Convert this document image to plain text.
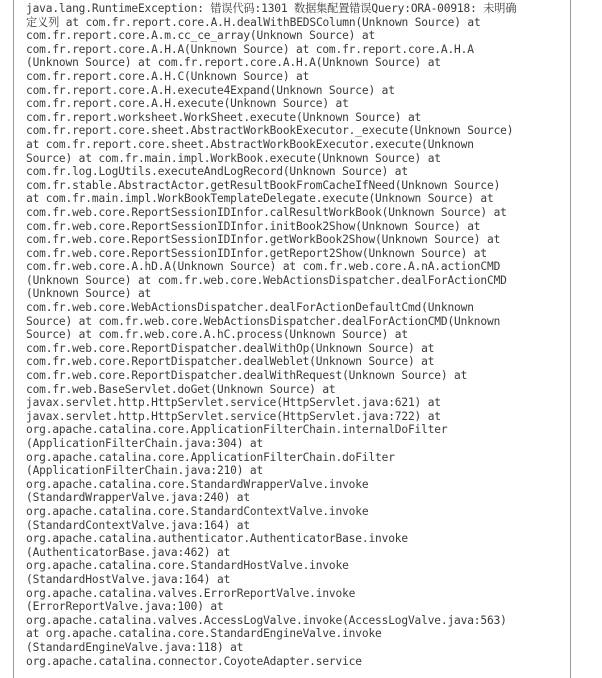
java.lang.RuntimeException: 错误代码:1301 数据集配置错误Query:ORA-00918: 未明确
定义列 at com.fr.report.core.A.H.dealWithBEDSColumn(Unknown Source) at
com.fr.report.core.A.m.cc_ce_array(Unknown Source) at
com.fr.report.core.A.H.A(Unknown Source) at com.fr.report.core.A.H.A
(Unknown Source) at com.fr.report.core.A.H.A(Unknown Source) at
com.fr.report.core.A.H.C(Unknown Source) at
com.fr.report.core.A.H.execute4Expand(Unknown Source) at
com.fr.report.core.A.H.execute(Unknown Source) at
com.fr.report.worksheet.WorkSheet.execute(Unknown Source) at
com.fr.report.core.sheet.AbstractWorkBookExecutor._execute(Unknown Source)
at com.fr.report.core.sheet.AbstractWorkBookExecutor.execute(Unknown
Source) at com.fr.main.impl.WorkBook.execute(Unknown Source) at
com.fr.log.LogUtils.executeAndLogRecord(Unknown Source) at
com.fr.stable.AbstractActor.getResultBookFromCacheIfNeed(Unknown Source)
at com.fr.main.impl.WorkBookTemplateDelegate.execute(Unknown Source) at
com.fr.web.core.ReportSessionIDInfor.calResultWorkBook(Unknown Source) at
com.fr.web.core.ReportSessionIDInfor.initBook2Show(Unknown Source) at
com.fr.web.core.ReportSessionIDInfor.getWorkBook2Show(Unknown Source) at
com.fr.web.core.ReportSessionIDInfor.getReport2Show(Unknown Source) at
com.fr.web.core.A.hD.A(Unknown Source) at com.fr.web.core.A.nA.actionCMD
(Unknown Source) at com.fr.web.core.WebActionsDispatcher.dealForActionCMD
(Unknown Source) at
com.fr.web.core.WebActionsDispatcher.dealForActionDefaultCmd(Unknown
Source) at com.fr.web.core.WebActionsDispatcher.dealForActionCMD(Unknown
Source) at com.fr.web.core.A.hC.process(Unknown Source) at
com.fr.web.core.ReportDispatcher.dealWithOp(Unknown Source) at
com.fr.web.core.ReportDispatcher.dealWeblet(Unknown Source) at
com.fr.web.core.ReportDispatcher.dealWithRequest(Unknown Source) at
com.fr.web.BaseServlet.doGet(Unknown Source) at
javax.servlet.http.HttpServlet.service(HttpServlet.java:621) at
javax.servlet.http.HttpServlet.service(HttpServlet.java:722) at
org.apache.catalina.core.ApplicationFilterChain.internalDoFilter
(ApplicationFilterChain.java:304) at
org.apache.catalina.core.ApplicationFilterChain.doFilter
(ApplicationFilterChain.java:210) at
org.apache.catalina.core.StandardWrapperValve.invoke
(StandardWrapperValve.java:240) at
org.apache.catalina.core.StandardContextValve.invoke
(StandardContextValve.java:164) at
org.apache.catalina.authenticator.AuthenticatorBase.invoke
(AuthenticatorBase.java:462) at
org.apache.catalina.core.StandardHostValve.invoke
(StandardHostValve.java:164) at
org.apache.catalina.valves.ErrorReportValve.invoke
(ErrorReportValve.java:100) at
org.apache.catalina.valves.AccessLogValve.invoke(AccessLogValve.java:563)
at org.apache.catalina.core.StandardEngineValve.invoke
(StandardEngineValve.java:118) at
org.apache.catalina.connector.CoyoteAdapter.service
